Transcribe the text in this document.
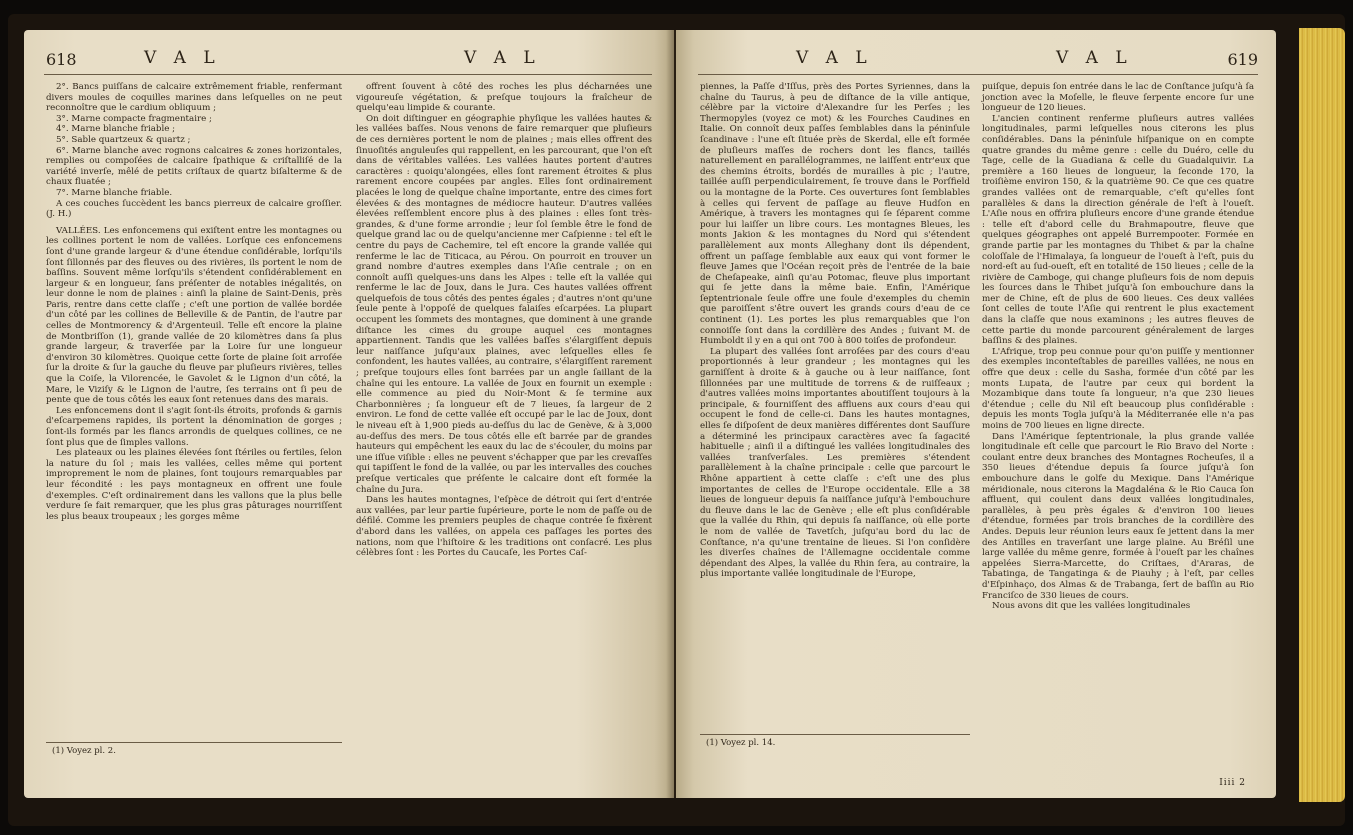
618	V A L	V A L

2°. Bancs puiſſans de calcaire extrêmement friable, renfermant divers moules de coquilles marines dans leſquelles on ne peut reconnoître que le cardium obliquum ;

3°. Marne compacte fragmentaire ;

4°. Marne blanche friable ;

5°. Sable quartzeux & quartz ;

6°. Marne blanche avec rognons calcaires & zones horizontales, remplies ou compoſées de calcaire ſpathique & criſtalliſé de la variété inverſe, mêlé de petits criſtaux de quartz biſalterme & de chaux fluatée ;

7°. Marne blanche friable.

A ces couches ſuccèdent les bancs pierreux de calcaire groſſier. (J. H.)

VALLÉES. Les enfoncemens qui exiſtent entre les montagnes ou les collines portent le nom de vallées. Lorſque ces enfoncemens ſont d'une grande largeur & d'une étendue conſidérable, lorſqu'ils ſont ſillonnés par des fleuves ou des rivières, ils portent le nom de baſſins. Souvent même lorſqu'ils s'étendent conſidérablement en largeur & en longueur, ſans préſenter de notables inégalités, on leur donne le nom de plaines : ainſi la plaine de Saint-Denis, près Paris, rentre dans cette claſſe ; c'eſt une portion de vallée bordée d'un côté par les collines de Belleville & de Pantin, de l'autre par celles de Montmorency & d'Argenteuil. Telle eſt encore la plaine de Montbriſſon (1), grande vallée de 20 kilomètres dans ſa plus grande largeur, & traverſée par la Loire ſur une longueur d'environ 30 kilomètres. Quoique cette ſorte de plaine ſoit arroſée ſur la droite & ſur la gauche du fleuve par pluſieurs rivières, telles que la Coiſe, la Vilorencée, le Gavolet & le Lignon d'un côté, la Mare, le Viziſy & le Lignon de l'autre, ſes terrains ont ſi peu de pente que de tous côtés les eaux ſont retenues dans des marais.

Les enfoncemens dont il s'agit ſont-ils étroits, profonds & garnis d'eſcarpemens rapides, ils portent la dénomination de gorges ; ſont-ils formés par les flancs arrondis de quelques collines, ce ne ſont plus que de ſimples vallons.

Les plateaux ou les plaines élevées ſont ſtériles ou fertiles, ſelon la nature du ſol ; mais les vallées, celles même qui portent improprement le nom de plaines, ſont toujours remarquables par leur fécondité : les pays montagneux en offrent une foule d'exemples. C'eſt ordinairement dans les vallons que la plus belle verdure ſe fait remarquer, que les plus gras pâturages nourriſſent les plus beaux troupeaux ; les gorges même

offrent ſouvent à côté des roches les plus décharnées une vigoureuſe végétation, & preſque toujours la fraîcheur de quelqu'eau limpide & courante.

On doit diſtinguer en géographie phyſique les vallées hautes & les vallées baſſes. Nous venons de faire remarquer que pluſieurs de ces dernières portent le nom de plaines ; mais elles offrent des ſinuoſités anguleuſes qui rappellent, en les parcourant, que l'on eſt dans de véritables vallées. Les vallées hautes portent d'autres caractères : quoiqu'alongées, elles ſont rarement étroites & plus rarement encore coupées par angles. Elles ſont ordinairement placées le long de quelque chaîne importante, entre des cimes fort élevées & des montagnes de médiocre hauteur. D'autres vallées élevées reſſemblent encore plus à des plaines : elles ſont très-grandes, & d'une forme arrondie ; leur ſol ſemble être le fond de quelque grand lac ou de quelqu'ancienne mer Caſpienne : tel eſt le centre du pays de Cachemire, tel eſt encore la grande vallée qui renferme le lac de Titicaca, au Pérou. On pourroit en trouver un grand nombre d'autres exemples dans l'Aſie centrale ; on en connoît auſſi quelques-uns dans les Alpes : telle eſt la vallée qui renferme le lac de Joux, dans le Jura. Ces hautes vallées offrent quelquefois de tous côtés des pentes égales ; d'autres n'ont qu'une ſeule pente à l'oppoſé de quelques falaiſes eſcarpées. La plupart occupent les ſommets des montagnes, que dominent à une grande diſtance les cimes du groupe auquel ces montagnes appartiennent. Tandis que les vallées baſſes s'élargiſſent depuis leur naiſſance juſqu'aux plaines, avec leſquelles elles ſe confondent, les hautes vallées, au contraire, s'élargiſſent rarement ; preſque toujours elles ſont barrées par un angle ſaillant de la chaîne qui les entoure. La vallée de Joux en fournit un exemple : elle commence au pied du Noir-Mont & ſe termine aux Charbonnières ; ſa longueur eſt de 7 lieues, ſa largeur de 2 environ. Le fond de cette vallée eſt occupé par le lac de Joux, dont le niveau eſt à 1,900 pieds au-deſſus du lac de Genève, & à 3,000 au-deſſus des mers. De tous côtés elle eſt barrée par de grandes hauteurs qui empêchent les eaux du lac de s'écouler, du moins par une iſſue viſible : elles ne peuvent s'échapper que par les crevaſſes qui tapiſſent le fond de la vallée, ou par les intervalles des couches preſque verticales que préſente le calcaire dont eſt formée la chaîne du Jura.

Dans les hautes montagnes, l'eſpèce de détroit qui ſert d'entrée aux vallées, par leur partie ſupérieure, porte le nom de paſſe ou de défilé. Comme les premiers peuples de chaque contrée ſe fixèrent d'abord dans les vallées, on appela ces paſſages les portes des nations, nom que l'hiſtoire & les traditions ont conſacré. Les plus célèbres ſont : les Portes du Caucaſe, les Portes Caſ-

(1) Voyez pl. 2.
V A L	V A L	619

piennes, la Paſſe d'Iſſus, près des Portes Syriennes, dans la chaîne du Taurus, à peu de diſtance de la ville antique, célèbre par la victoire d'Alexandre ſur les Perſes ; les Thermopyles (voyez ce mot) & les Fourches Caudines en Italie. On connoît deux paſſes ſemblables dans la péninſule ſcandinave : l'une eſt ſituée près de Skerdal, elle eſt formée de pluſieurs maſſes de rochers dont les flancs, taillés naturellement en parallélogrammes, ne laiſſent entr'eux que des chemins étroits, bordés de murailles à pic ; l'autre, taillée auſſi perpendiculairement, ſe trouve dans le Porſfield ou la montagne de la Porte. Ces ouvertures ſont ſemblables à celles qui ſervent de paſſage au fleuve Hudſon en Amérique, à travers les montagnes qui ſe ſéparent comme pour lui laiſſer un libre cours. Les montagnes Bleues, les monts Jakion & les montagnes du Nord qui s'étendent parallèlement aux monts Alleghany dont ils dépendent, offrent un paſſage ſemblable aux eaux qui vont former le fleuve James que l'Océan reçoit près de l'entrée de la baie de Cheſapeake, ainſi qu'au Potomac, fleuve plus important qui ſe jette dans la même baie. Enfin, l'Amérique ſeptentrionale ſeule offre une foule d'exemples du chemin que paroiſſent s'être ouvert les grands cours d'eau de ce continent (1). Les portes les plus remarquables que l'on connoiſſe ſont dans la cordillère des Andes ; ſuivant M. de Humboldt il y en a qui ont 700 à 800 toiſes de profondeur.

La plupart des vallées ſont arroſées par des cours d'eau proportionnés à leur grandeur ; les montagnes qui les garniſſent à droite & à gauche ou à leur naiſſance, ſont ſillonnées par une multitude de torrens & de ruiſſeaux ; d'autres vallées moins importantes aboutiſſent toujours à la principale, & fourniſſent des affluens aux cours d'eau qui occupent le fond de celle-ci. Dans les hautes montagnes, elles ſe diſpoſent de deux manières différentes dont Sauſſure a déterminé les principaux caractères avec ſa ſagacité habituelle ; ainſi il a diſtingué les vallées longitudinales des vallées tranſverſales. Les premières s'étendent parallèlement à la chaîne principale : celle que parcourt le Rhône appartient à cette claſſe : c'eſt une des plus importantes de celles de l'Europe occidentale. Elle a 38 lieues de longueur depuis ſa naiſſance juſqu'à l'embouchure du fleuve dans le lac de Genève ; elle eſt plus conſidérable que la vallée du Rhin, qui depuis ſa naiſſance, où elle porte le nom de vallée de Tavetſch, juſqu'au bord du lac de Conſtance, n'a qu'une trentaine de lieues. Si l'on conſidère les diverſes chaînes de l'Allemagne occidentale comme dépendant des Alpes, la vallée du Rhin ſera, au contraire, la plus importante vallée longitudinale de l'Europe,

puiſque, depuis ſon entrée dans le lac de Conſtance juſqu'à ſa jonction avec la Moſelle, le fleuve ſerpente encore ſur une longueur de 120 lieues.

L'ancien continent renferme pluſieurs autres vallées longitudinales, parmi leſquelles nous citerons les plus conſidérables. Dans la péninſule hiſpanique on en compte quatre grandes du même genre : celle du Duéro, celle du Tage, celle de la Guadiana & celle du Guadalquivir. La première a 160 lieues de longueur, la ſeconde 170, la troiſième environ 150, & la quatrième 90. Ce que ces quatre grandes vallées ont de remarquable, c'eſt qu'elles ſont parallèles & dans la direction générale de l'eſt à l'oueſt. L'Aſie nous en offrira pluſieurs encore d'une grande étendue : telle eſt d'abord celle du Brahmapoutre, fleuve que quelques géographes ont appelé Burrempooter. Formée en grande partie par les montagnes du Thibet & par la chaîne coloſſale de l'Himalaya, ſa longueur de l'oueſt à l'eſt, puis du nord-eſt au ſud-oueſt, eſt en totalité de 150 lieues ; celle de la rivière de Camboge, qui change pluſieurs fois de nom depuis les ſources dans le Thibet juſqu'à ſon embouchure dans la mer de Chine, eſt de plus de 600 lieues. Ces deux vallées ſont celles de toute l'Aſie qui rentrent le plus exactement dans la claſſe que nous examinons ; les autres fleuves de cette partie du monde parcourent généralement de larges baſſins & des plaines.

L'Afrique, trop peu connue pour qu'on puiſſe y mentionner des exemples inconteſtables de pareilles vallées, ne nous en offre que deux : celle du Sasha, formée d'un côté par les monts Lupata, de l'autre par ceux qui bordent la Mozambique dans toute ſa longueur, n'a que 230 lieues d'étendue ; celle du Nil eſt beaucoup plus conſidérable : depuis les monts Togla juſqu'à la Méditerranée elle n'a pas moins de 700 lieues en ligne directe.

Dans l'Amérique ſeptentrionale, la plus grande vallée longitudinale eſt celle que parcourt le Rio Bravo del Norte : coulant entre deux branches des Montagnes Rocheuſes, il a 350 lieues d'étendue depuis ſa ſource juſqu'à ſon embouchure dans le golfe du Mexique. Dans l'Amérique méridionale, nous citerons la Magdaléna & le Rio Cauca ſon affluent, qui coulent dans deux vallées longitudinales, parallèles, à peu près égales & d'environ 100 lieues d'étendue, formées par trois branches de la cordillère des Andes. Depuis leur réunion leurs eaux ſe jettent dans la mer des Antilles en traverſant une large plaine. Au Bréſil une large vallée du même genre, formée à l'oueſt par les chaînes appelées Sierra-Marcette, do Criſtaes, d'Araras, de Tabatinga, de Tangatinga & de Piauhy ; à l'eſt, par celles d'Eſpinhaço, dos Almas & de Trabanga, ſert de baſſin au Rio Franciſco de 330 lieues de cours.

Nous avons dit que les vallées longitudinales

(1) Voyez pl. 14.
Iiii 2
